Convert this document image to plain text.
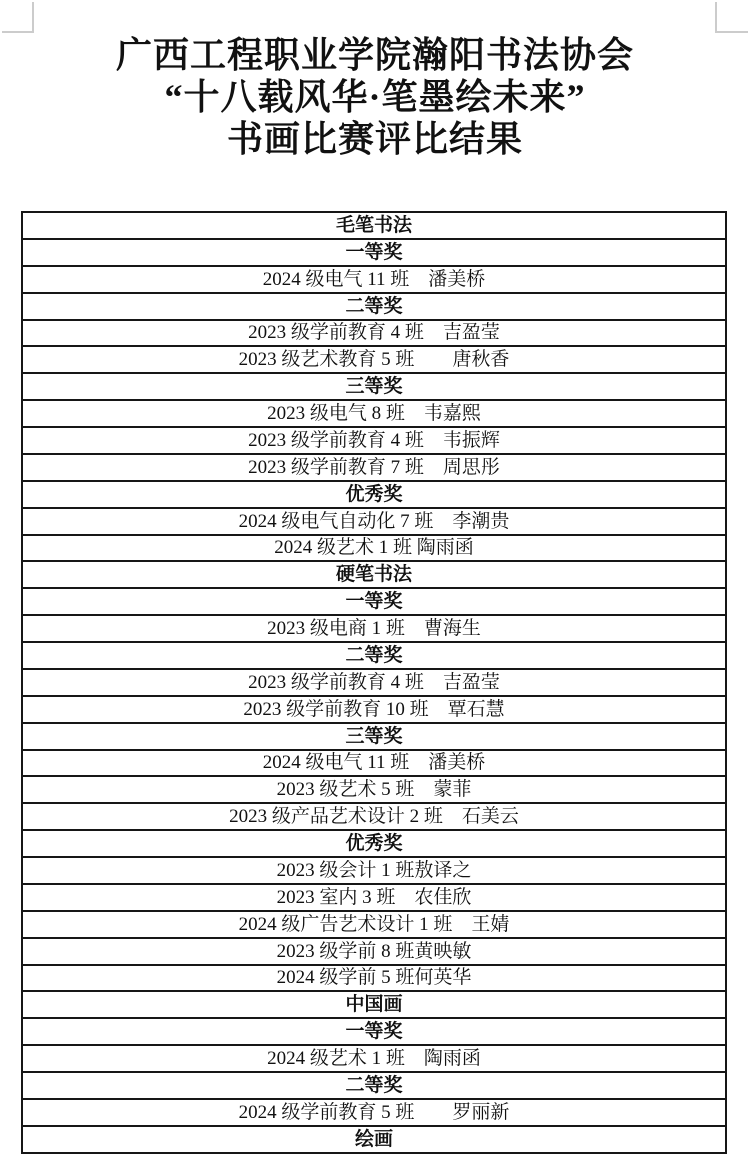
广西工程职业学院瀚阳书法协会
“十八载风华·笔墨绘未来”
书画比赛评比结果
毛笔书法
一等奖
2024 级电气 11 班　潘美桥
二等奖
2023 级学前教育 4 班　吉盈莹
2023 级艺术教育 5 班　　唐秋香
三等奖
2023 级电气 8 班　韦嘉熙
2023 级学前教育 4 班　韦振辉
2023 级学前教育 7 班　周思彤
优秀奖
2024 级电气自动化 7 班　李潮贵
2024 级艺术 1 班 陶雨函
硬笔书法
一等奖
2023 级电商 1 班　曹海生
二等奖
2023 级学前教育 4 班　吉盈莹
2023 级学前教育 10 班　覃石慧
三等奖
2024 级电气 11 班　潘美桥
2023 级艺术 5 班　蒙菲
2023 级产品艺术设计 2 班　石美云
优秀奖
2023 级会计 1 班敖译之
2023 室内 3 班　农佳欣
2024 级广告艺术设计 1 班　王婧
2023 级学前 8 班黄映敏
2024 级学前 5 班何英华
中国画
一等奖
2024 级艺术 1 班　陶雨函
二等奖
2024 级学前教育 5 班　　罗丽新
绘画
